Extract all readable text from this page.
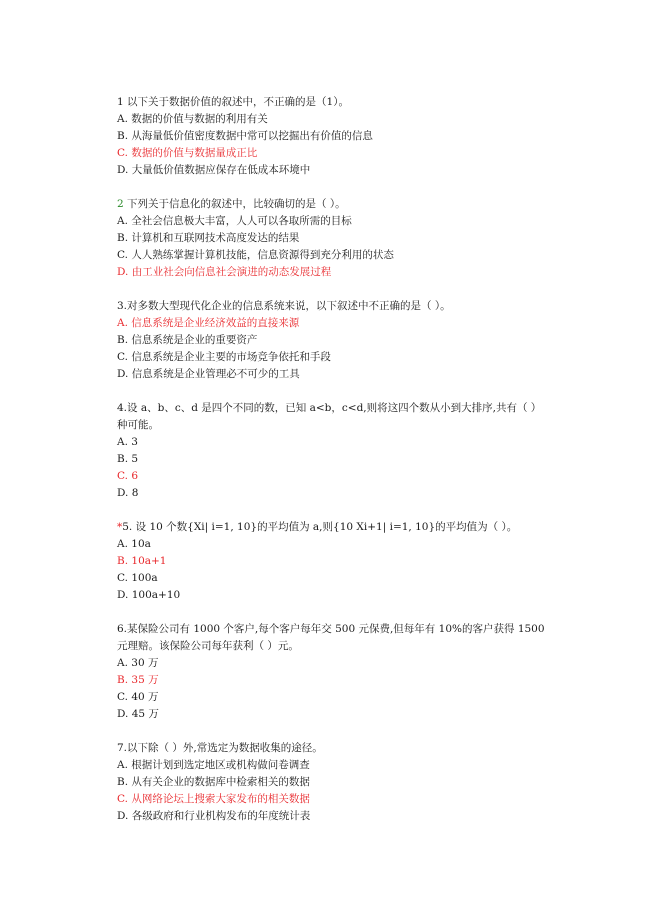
1 以下关于数据价值的叙述中，不正确的是（1）。
A. 数据的价值与数据的利用有关
B. 从海量低价值密度数据中常可以挖掘出有价值的信息
C. 数据的价值与数据量成正比
D. 大量低价值数据应保存在低成本环境中
2 下列关于信息化的叙述中，比较确切的是（ ）。
A. 全社会信息极大丰富，人人可以各取所需的目标
B. 计算机和互联网技术高度发达的结果
C. 人人熟练掌握计算机技能，信息资源得到充分利用的状态
D. 由工业社会向信息社会演进的动态发展过程
3.对多数大型现代化企业的信息系统来说，以下叙述中不正确的是（ ）。
A. 信息系统是企业经济效益的直接来源
B. 信息系统是企业的重要资产
C. 信息系统是企业主要的市场竞争依托和手段
D. 信息系统是企业管理必不可少的工具
4.设 a、b、c、d 是四个不同的数，已知 a<b，c<d,则将这四个数从小到大排序,共有（ ）
种可能。
A. 3
B. 5
C. 6
D. 8
*5. 设 10 个数{Xi| i=1, 10}的平均值为 a,则{10 Xi+1| i=1, 10}的平均值为（ ）。
A. 10a
B. 10a+1
C. 100a
D. 100a+10
6.某保险公司有 1000 个客户,每个客户每年交 500 元保费,但每年有 10%的客户获得 1500
元理赔。该保险公司每年获利（ ）元。
A. 30 万
B. 35 万
C. 40 万
D. 45 万
7.以下除（ ）外,常选定为数据收集的途径。
A. 根据计划到选定地区或机构做问卷调查
B. 从有关企业的数据库中检索相关的数据
C. 从网络论坛上搜索大家发布的相关数据
D. 各级政府和行业机构发布的年度统计表
